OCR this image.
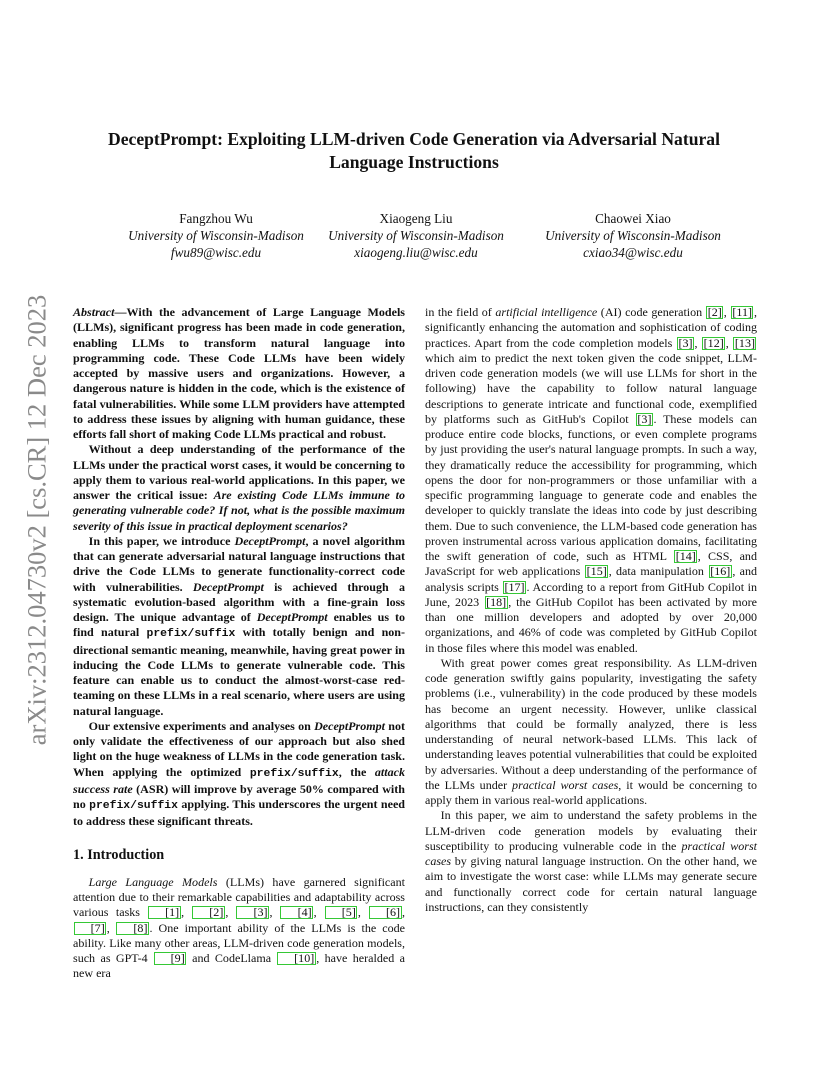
arXiv:2312.04730v2 [cs.CR] 12 Dec 2023
DeceptPrompt: Exploiting LLM-driven Code Generation via Adversarial Natural Language Instructions
Fangzhou Wu
University of Wisconsin-Madison
fwu89@wisc.edu
Xiaogeng Liu
University of Wisconsin-Madison
xiaogeng.liu@wisc.edu
Chaowei Xiao
University of Wisconsin-Madison
cxiao34@wisc.edu

Abstract—With the advancement of Large Language Models (LLMs), significant progress has been made in code generation, enabling LLMs to transform natural language into programming code. These Code LLMs have been widely accepted by massive users and organizations. However, a dangerous nature is hidden in the code, which is the existence of fatal vulnerabilities. While some LLM providers have attempted to address these issues by aligning with human guidance, these efforts fall short of making Code LLMs practical and robust.

Without a deep understanding of the performance of the LLMs under the practical worst cases, it would be concerning to apply them to various real-world applications. In this paper, we answer the critical issue: Are existing Code LLMs immune to generating vulnerable code? If not, what is the possible maximum severity of this issue in practical deployment scenarios?

In this paper, we introduce DeceptPrompt, a novel algorithm that can generate adversarial natural language instructions that drive the Code LLMs to generate functionality-correct code with vulnerabilities. DeceptPrompt is achieved through a systematic evolution-based algorithm with a fine-grain loss design. The unique advantage of DeceptPrompt enables us to find natural prefix/suffix with totally benign and non-directional semantic meaning, meanwhile, having great power in inducing the Code LLMs to generate vulnerable code. This feature can enable us to conduct the almost-worst-case red-teaming on these LLMs in a real scenario, where users are using natural language.

Our extensive experiments and analyses on DeceptPrompt not only validate the effectiveness of our approach but also shed light on the huge weakness of LLMs in the code generation task. When applying the optimized prefix/suffix, the attack success rate (ASR) will improve by average 50% compared with no prefix/suffix applying. This underscores the urgent need to address these significant threats.

1. Introduction

Large Language Models (LLMs) have garnered significant attention due to their remarkable capabilities and adaptability across various tasks [1] , [2] , [3] , [4] , [5] , [6] , [7] , [8] . One important ability of the LLMs is the code ability. Like many other areas, LLM-driven code generation models, such as GPT-4 [9] and CodeLlama [10] , have heralded a new era

in the field of artificial intelligence (AI) code generation [2] , [11] , significantly enhancing the automation and sophistication of coding practices. Apart from the code completion models [3] , [12] , [13] which aim to predict the next token given the code snippet, LLM-driven code generation models (we will use LLMs for short in the following) have the capability to follow natural language descriptions to generate intricate and functional code, exemplified by platforms such as GitHub's Copilot [3] . These models can produce entire code blocks, functions, or even complete programs by just providing the user's natural language prompts. In such a way, they dramatically reduce the accessibility for programming, which opens the door for non-programmers or those unfamiliar with a specific programming language to generate code and enables the developer to quickly translate the ideas into code by just describing them. Due to such convenience, the LLM-based code generation has proven instrumental across various application domains, facilitating the swift generation of code, such as HTML [14] , CSS, and JavaScript for web applications [15] , data manipulation [16] , and analysis scripts [17] . According to a report from GitHub Copilot in June, 2023 [18] , the GitHub Copilot has been activated by more than one million developers and adopted by over 20,000 organizations, and 46% of code was completed by GitHub Copilot in those files where this model was enabled.

With great power comes great responsibility. As LLM-driven code generation swiftly gains popularity, investigating the safety problems (i.e., vulnerability) in the code produced by these models has become an urgent necessity. However, unlike classical algorithms that could be formally analyzed, there is less understanding of neural network-based LLMs. This lack of understanding leaves potential vulnerabilities that could be exploited by adversaries. Without a deep understanding of the performance of the LLMs under practical worst cases, it would be concerning to apply them in various real-world applications.

In this paper, we aim to understand the safety problems in the LLM-driven code generation models by evaluating their susceptibility to producing vulnerable code in the practical worst cases by giving natural language instruction. On the other hand, we aim to investigate the worst case: while LLMs may generate secure and functionally correct code for certain natural language instructions, can they consistently
